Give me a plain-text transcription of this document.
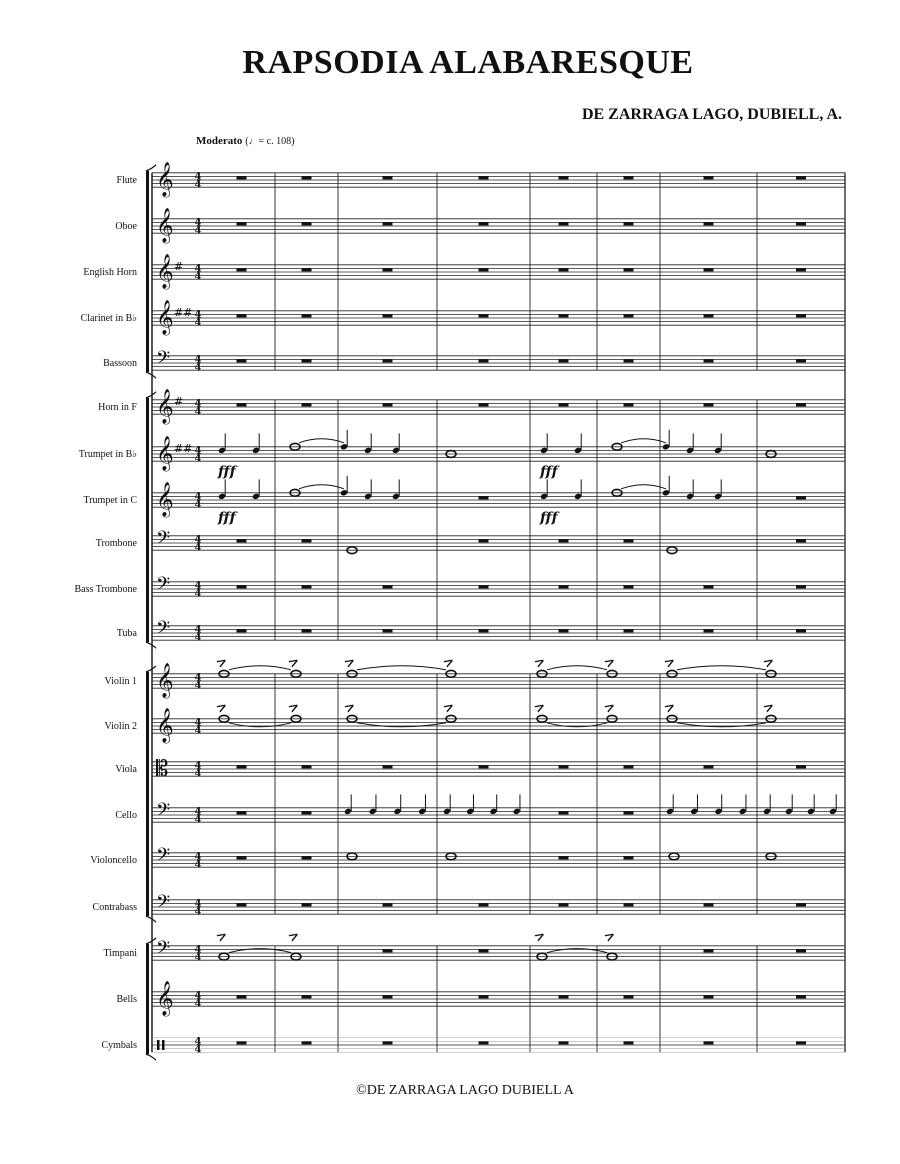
RAPSODIA ALABARESQUE
DE ZARRAGA LAGO, DUBIELL, A.
Moderato (♩= c. 108)
Flute 𝄞 4
4
Oboe 𝄞 4
4
English Horn 𝄞 # 4
4
Clarinet in B♭ 𝄞 ## 4
4
Bassoon 𝄢 4
4
Horn in F 𝄞 # 4
4
Trumpet in B♭ 𝄞 ## 4
4
Trumpet in C 𝄞 4
4
Trombone 𝄢 4
4
Bass Trombone 𝄢 4
4
Tuba 𝄢 4
4
Violin 1 𝄞 4
4
Violin 2 𝄞 4
4
Viola 𝄡	4
4
Cello 𝄢 4
4
Violoncello 𝄢 4
4
Contrabass 𝄢 4
4
Timpani 𝄢 4
4
Bells 𝄞 4
4
Cymbals	4
4
fff	fff
fff	fff
>	>	>	>	>	>	>	>
>	>	>	>	>	>	>	>
>	>	>	>
©DE ZARRAGA LAGO DUBIELL A
